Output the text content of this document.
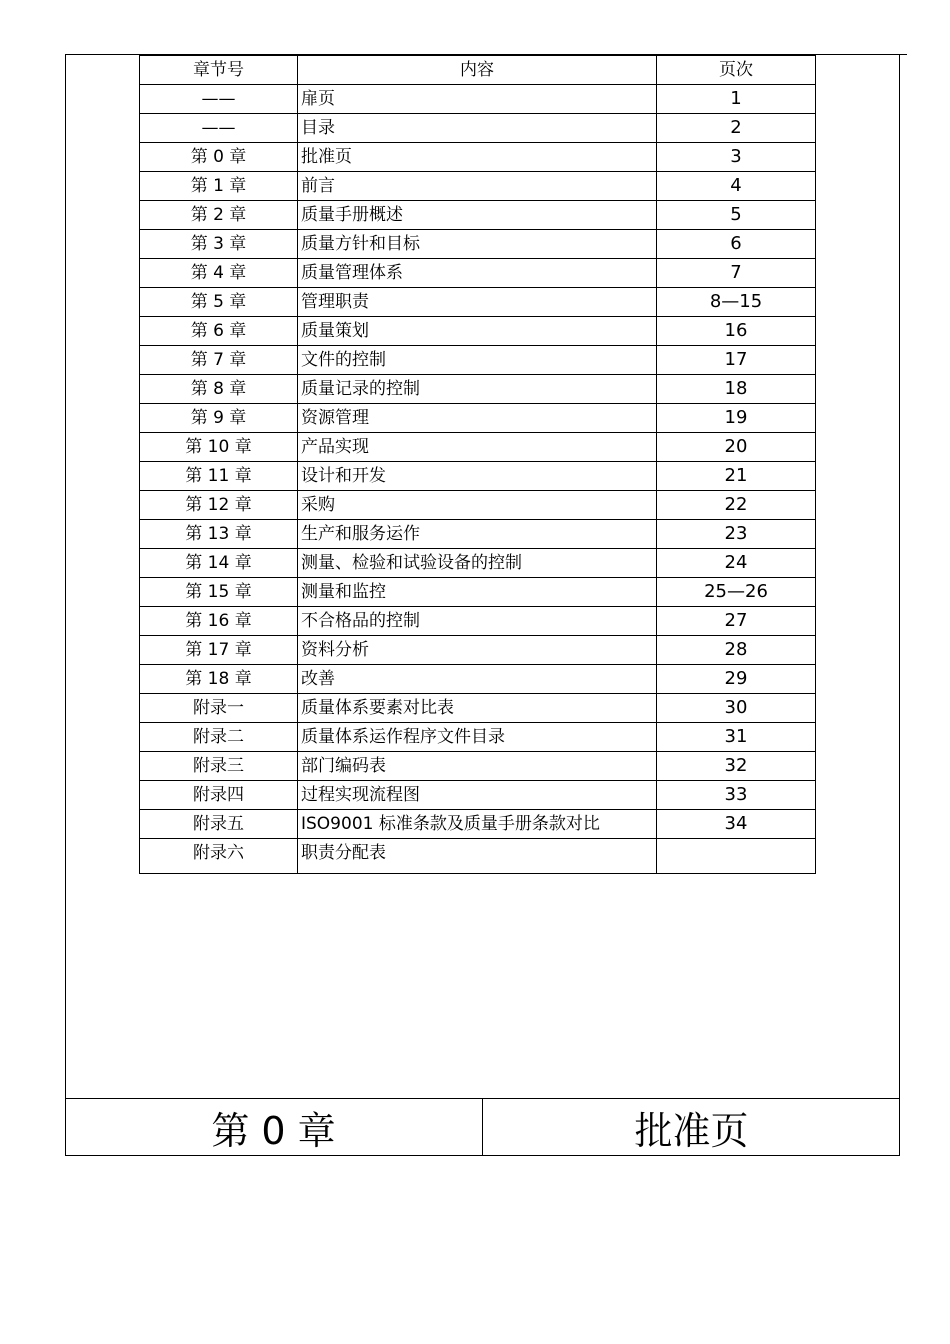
章节号	内容	页次
——	扉页	1
——	目录	2
第 0 章	批准页	3
第 1 章	前言	4
第 2 章	质量手册概述	5
第 3 章	质量方针和目标	6
第 4 章	质量管理体系	7
第 5 章	管理职责	8—15
第 6 章	质量策划	16
第 7 章	文件的控制	17
第 8 章	质量记录的控制	18
第 9 章	资源管理	19
第 10 章	产品实现	20
第 11 章	设计和开发	21
第 12 章	采购	22
第 13 章	生产和服务运作	23
第 14 章	测量、检验和试验设备的控制	24
第 15 章	测量和监控	25—26
第 16 章	不合格品的控制	27
第 17 章	资料分析	28
第 18 章	改善	29
附录一	质量体系要素对比表	30
附录二	质量体系运作程序文件目录	31
附录三	部门编码表	32
附录四	过程实现流程图	33
附录五	ISO9001 标准条款及质量手册条款对比	34
附录六	职责分配表	
第 0 章	批准页
